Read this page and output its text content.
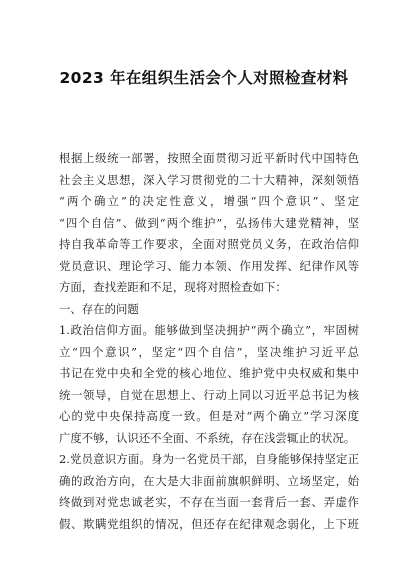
2023 年在组织生活会个人对照检查材料
根据上级统一部署，按照全面贯彻习近平新时代中国特色
社会主义思想，深入学习贯彻党的二十大精神，深刻领悟
“两个确立”的决定性意义，增强“四个意识”、坚定
“四个自信”、做到“两个维护”，弘扬伟大建党精神，坚
持自我革命等工作要求，全面对照党员义务，在政治信仰
党员意识、理论学习、能力本领、作用发挥、纪律作风等
方面，查找差距和不足，现将对照检查如下：
一、存在的问题
1.政治信仰方面。能够做到坚决拥护“两个确立”，牢固树
立“四个意识”，坚定“四个自信”，坚决维护习近平总
书记在党中央和全党的核心地位、维护党中央权威和集中
统一领导，自觉在思想上、行动上同以习近平总书记为核
心的党中央保持高度一致。但是对“两个确立”学习深度
广度不够，认识还不全面、不系统，存在浅尝辄止的状况。
2.党员意识方面。身为一名党员干部，自身能够保持坚定正
确的政治方向，在大是大非面前旗帜鲜明、立场坚定，始
终做到对党忠诚老实，不存在当面一套背后一套、弄虚作
假、欺瞒党组织的情况，但还存在纪律观念弱化，上下班
